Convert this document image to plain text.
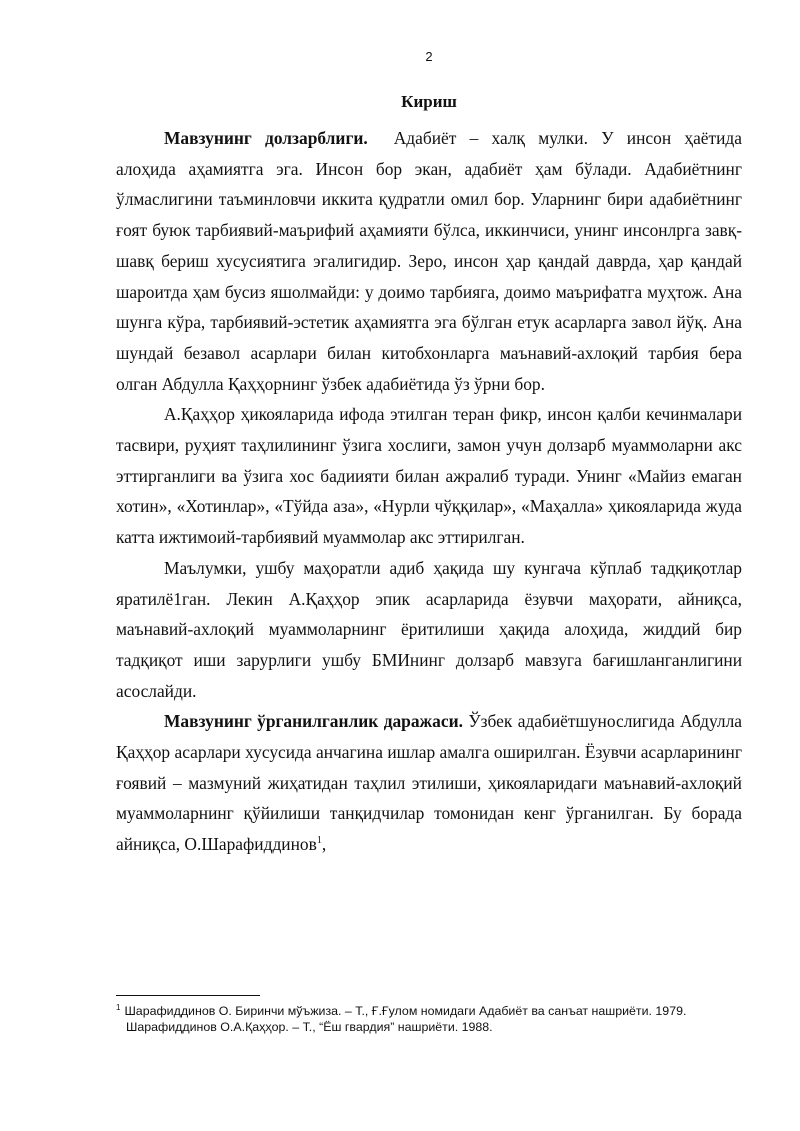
2
Кириш

Мавзунинг долзарблиги. Адабиёт – халқ мулки. У инсон ҳаётида алоҳида аҳамиятга эга. Инсон бор экан, адабиёт ҳам бўлади. Адабиётнинг ўлмаслигини таъминловчи иккита қудратли омил бор. Уларнинг бири адабиётнинг ғоят буюк тарбиявий-маърифий аҳамияти бўлса, иккинчиси, унинг инсонлрга завқ-шавқ бериш хусусиятига эгалигидир. Зеро, инсон ҳар қандай даврда, ҳар қандай шароитда ҳам бусиз яшолмайди: у доимо тарбияга, доимо маърифатга муҳтож. Ана шунга кўра, тарбиявий-эстетик аҳамиятга эга бўлган етук асарларга завол йўқ. Ана шундай безавол асарлари билан китобхонларга маънавий-ахлоқий тарбия бера олган Абдулла Қаҳҳорнинг ўзбек адабиётида ўз ўрни бор.

А.Қаҳҳор ҳикояларида ифода этилган теран фикр, инсон қалби кечинмалари тасвири, руҳият таҳлилининг ўзига хослиги, замон учун долзарб муаммоларни акс эттирганлиги ва ўзига хос бадиияти билан ажралиб туради. Унинг «Майиз емаган хотин», «Хотинлар», «Тўйда аза», «Нурли чўққилар», «Маҳалла» ҳикояларида жуда катта ижтимоий-тарбиявий муаммолар акс эттирилган.

Маълумки, ушбу маҳоратли адиб ҳақида шу кунгача кўплаб тадқиқотлар яратилё1ган. Лекин А.Қаҳҳор эпик асарларида ёзувчи маҳорати, айниқса, маънавий-ахлоқий муаммоларнинг ёритилиши ҳақида алоҳида, жиддий бир тадқиқот иши зарурлиги ушбу БМИнинг долзарб мавзуга бағишланганлигини асослайди.

Мавзунинг ўрганилганлик даражаси. Ўзбек адабиётшунослигида Абдулла Қаҳҳор асарлари хусусида анчагина ишлар амалга оширилган. Ёзувчи асарларининг ғоявий – мазмуний жиҳатидан таҳлил этилиши, ҳикояларидаги маънавий-ахлоқий муаммоларнинг қўйилиши танқидчилар томонидан кенг ўрганилган. Бу борада айниқса, О.Шарафиддинов$^1$,

$^1$ Шарафиддинов О. Биринчи мўъжиза. – Т., Ғ.Ғулом номидаги Адабиёт ва санъат нашриёти. 1979.

Шарафиддинов О.А.Қаҳҳор. – Т., “Ёш гвардия” нашриёти. 1988.
